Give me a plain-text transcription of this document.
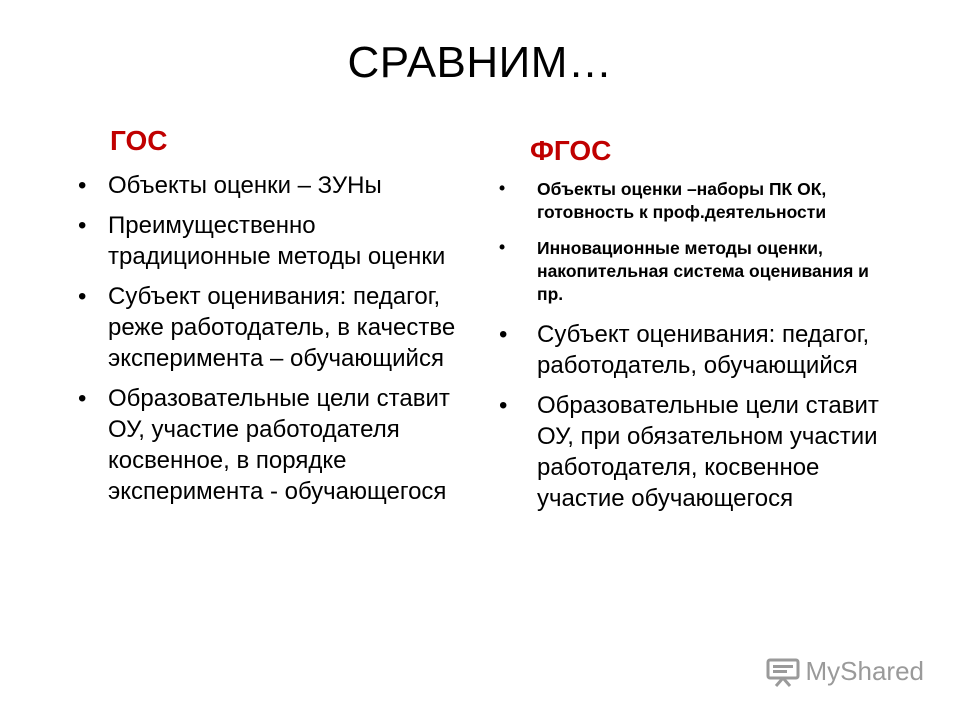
СРАВНИМ…
ГОС
• Объекты оценки – ЗУНы
• Преимущественно традиционные методы оценки
• Субъект оценивания: педагог, реже работодатель, в качестве эксперимента – обучающийся
• Образовательные цели ставит ОУ, участие работодателя косвенное, в порядке эксперимента - обучающегося
ФГОС
• Объекты оценки –наборы ПК ОК, готовность к проф.деятельности
• Инновационные методы оценки, накопительная система оценивания и пр.
• Субъект оценивания: педагог, работодатель, обучающийся
• Образовательные цели ставит ОУ, при обязательном участии работодателя, косвенное участие обучающегося
MyShared
